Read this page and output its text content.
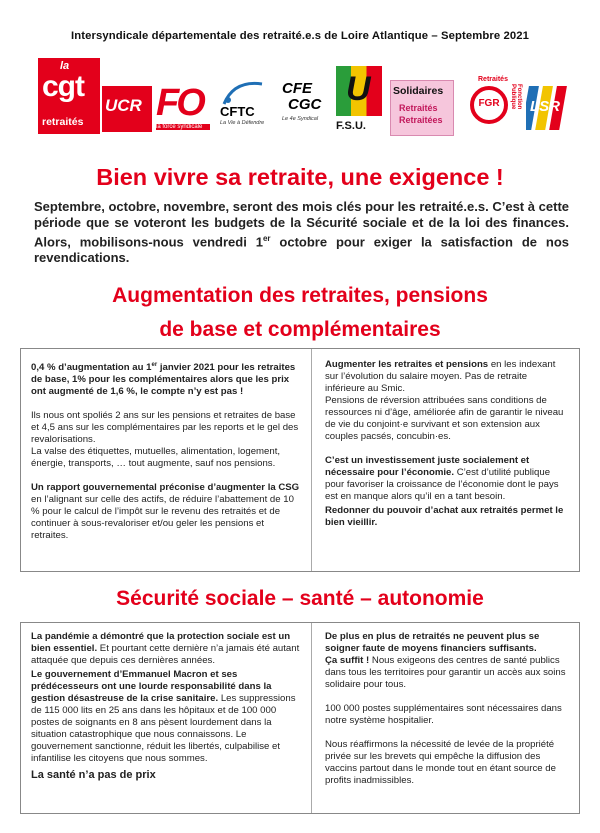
Intersyndicale départementale des retraité.e.s de Loire Atlantique – Septembre 2021
la
cgt
retraités
UCR FO
la force syndicale
CFTC
La Vie à Défendre
CFE
CGC
Le 4e Syndical
U
F.S.U.
Solidaires
Retraités
Retraitées
Retraités
FGR	Fonction Publique LSR
Bien vivre sa retraite, une exigence !
Septembre, octobre, novembre, seront des mois clés pour les retraité.e.s. C’est à cette période que se voteront les budgets de la Sécurité sociale et de la loi des finances. Alors, mobilisons-nous vendredi 1er octobre pour exiger la satisfaction de nos revendications.
Augmentation des retraites, pensions
de base et complémentaires

0,4 % d’augmentation au 1er janvier 2021 pour les retraites de base, 1% pour les complémentaires alors que les prix ont augmenté de 1,6 %, le compte n’y est pas !

Ils nous ont spoliés 2 ans sur les pensions et retraites de base et 4,5 ans sur les complémentaires par les reports et le gel des revalorisations.

La valse des étiquettes, mutuelles, alimentation, logement, énergie, transports, … tout augmente, sauf nos pensions.

Un rapport gouvernemental préconise d’augmenter la CSG en l’alignant sur celle des actifs, de réduire l’abattement de 10 % pour le calcul de l’impôt sur le revenu des retraités et de continuer à sous-revaloriser et/ou geler les pensions et retraites.

Augmenter les retraites et pensions en les indexant sur l’évolution du salaire moyen. Pas de retraite inférieure au Smic.

Pensions de réversion attribuées sans conditions de ressources ni d’âge, améliorée afin de garantir le niveau de vie du conjoint·e survivant et son extension aux couples pacsés, concubin·es.

C’est un investissement juste socialement et nécessaire pour l’économie. C’est d’utilité publique pour favoriser la croissance de l’économie dont le pays est en manque alors qu’il en a tant besoin.

Redonner du pouvoir d’achat aux retraités permet le bien vieillir.

Sécurité sociale – santé – autonomie

La pandémie a démontré que la protection sociale est un bien essentiel. Et pourtant cette dernière n’a jamais été autant attaquée que depuis ces dernières années.

Le gouvernement d’Emmanuel Macron et ses prédécesseurs ont une lourde responsabilité dans la gestion désastreuse de la crise sanitaire. Les suppressions de 115 000 lits en 25 ans dans les hôpitaux et de 100 000 postes de soignants en 8 ans pèsent lourdement dans la situation catastrophique que nous connaissons. Le gouvernement sanctionne, réduit les libertés, culpabilise et infantilise les citoyens que nous sommes.

La santé n’a pas de prix

De plus en plus de retraités ne peuvent plus se soigner faute de moyens financiers suffisants.

Ça suffit ! Nous exigeons des centres de santé publics dans tous les territoires pour garantir un accès aux soins solidaire pour tous.

100 000 postes supplémentaires sont nécessaires dans notre système hospitalier.

Nous réaffirmons la nécessité de levée de la propriété privée sur les brevets qui empêche la diffusion des vaccins partout dans le monde tout en étant source de profits inadmissibles.
